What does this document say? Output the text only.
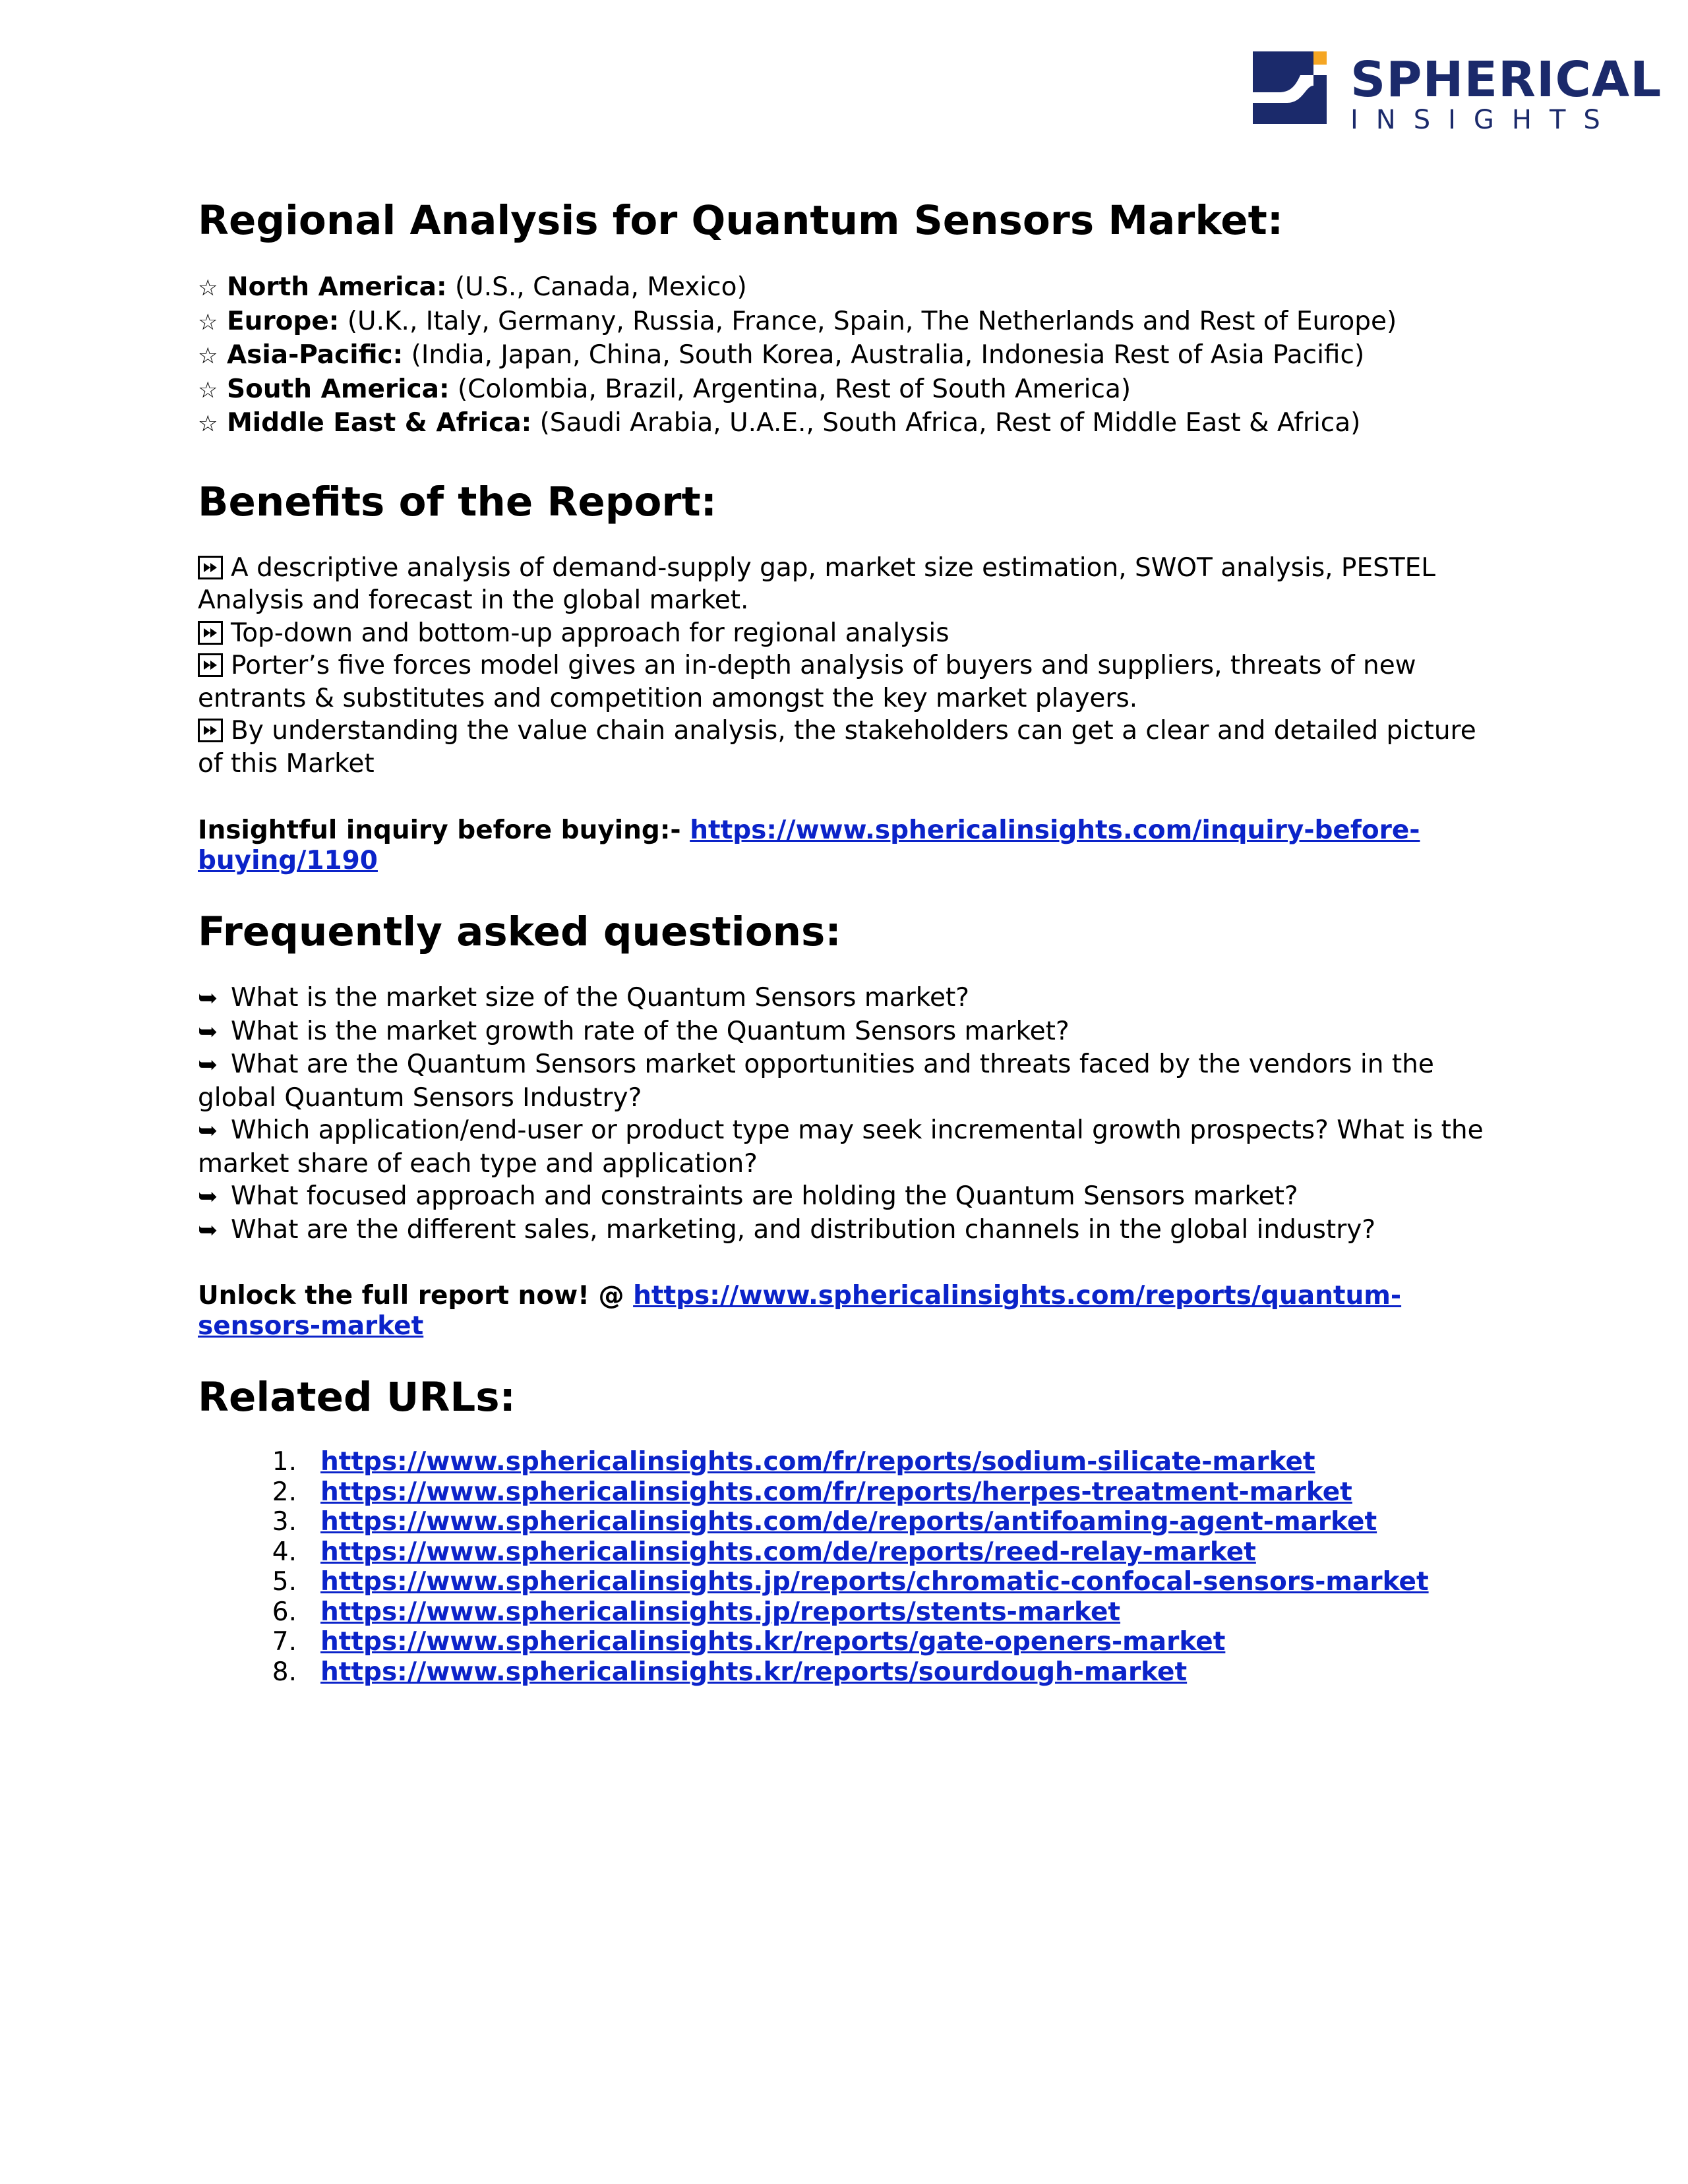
SPHERICAL
INSIGHTS
Regional Analysis for Quantum Sensors Market:
☆ North America: (U.S., Canada, Mexico)
☆ Europe: (U.K., Italy, Germany, Russia, France, Spain, The Netherlands and Rest of Europe)
☆ Asia-Pacific: (India, Japan, China, South Korea, Australia, Indonesia Rest of Asia Pacific)
☆ South America: (Colombia, Brazil, Argentina, Rest of South America)
☆ Middle East & Africa: (Saudi Arabia, U.A.E., South Africa, Rest of Middle East & Africa)
Benefits of the Report:
A descriptive analysis of demand-supply gap, market size estimation, SWOT analysis, PESTEL Analysis and forecast in the global market.
Top-down and bottom-up approach for regional analysis
Porter’s five forces model gives an in-depth analysis of buyers and suppliers, threats of new entrants & substitutes and competition amongst the key market players.
By understanding the value chain analysis, the stakeholders can get a clear and detailed picture of this Market

Insightful inquiry before buying:- https://www.sphericalinsights.com/inquiry-before-buying/1190

Frequently asked questions:
➥ What is the market size of the Quantum Sensors market?
➥ What is the market growth rate of the Quantum Sensors market?
➥ What are the Quantum Sensors market opportunities and threats faced by the vendors in the global Quantum Sensors Industry?
➥ Which application/end-user or product type may seek incremental growth prospects? What is the market share of each type and application?
➥ What focused approach and constraints are holding the Quantum Sensors market?
➥ What are the different sales, marketing, and distribution channels in the global industry?

Unlock the full report now! @ https://www.sphericalinsights.com/reports/quantum-sensors-market

Related URLs:
1. https://www.sphericalinsights.com/fr/reports/sodium-silicate-market
2. https://www.sphericalinsights.com/fr/reports/herpes-treatment-market
3. https://www.sphericalinsights.com/de/reports/antifoaming-agent-market
4. https://www.sphericalinsights.com/de/reports/reed-relay-market
5. https://www.sphericalinsights.jp/reports/chromatic-confocal-sensors-market
6. https://www.sphericalinsights.jp/reports/stents-market
7. https://www.sphericalinsights.kr/reports/gate-openers-market
8. https://www.sphericalinsights.kr/reports/sourdough-market
